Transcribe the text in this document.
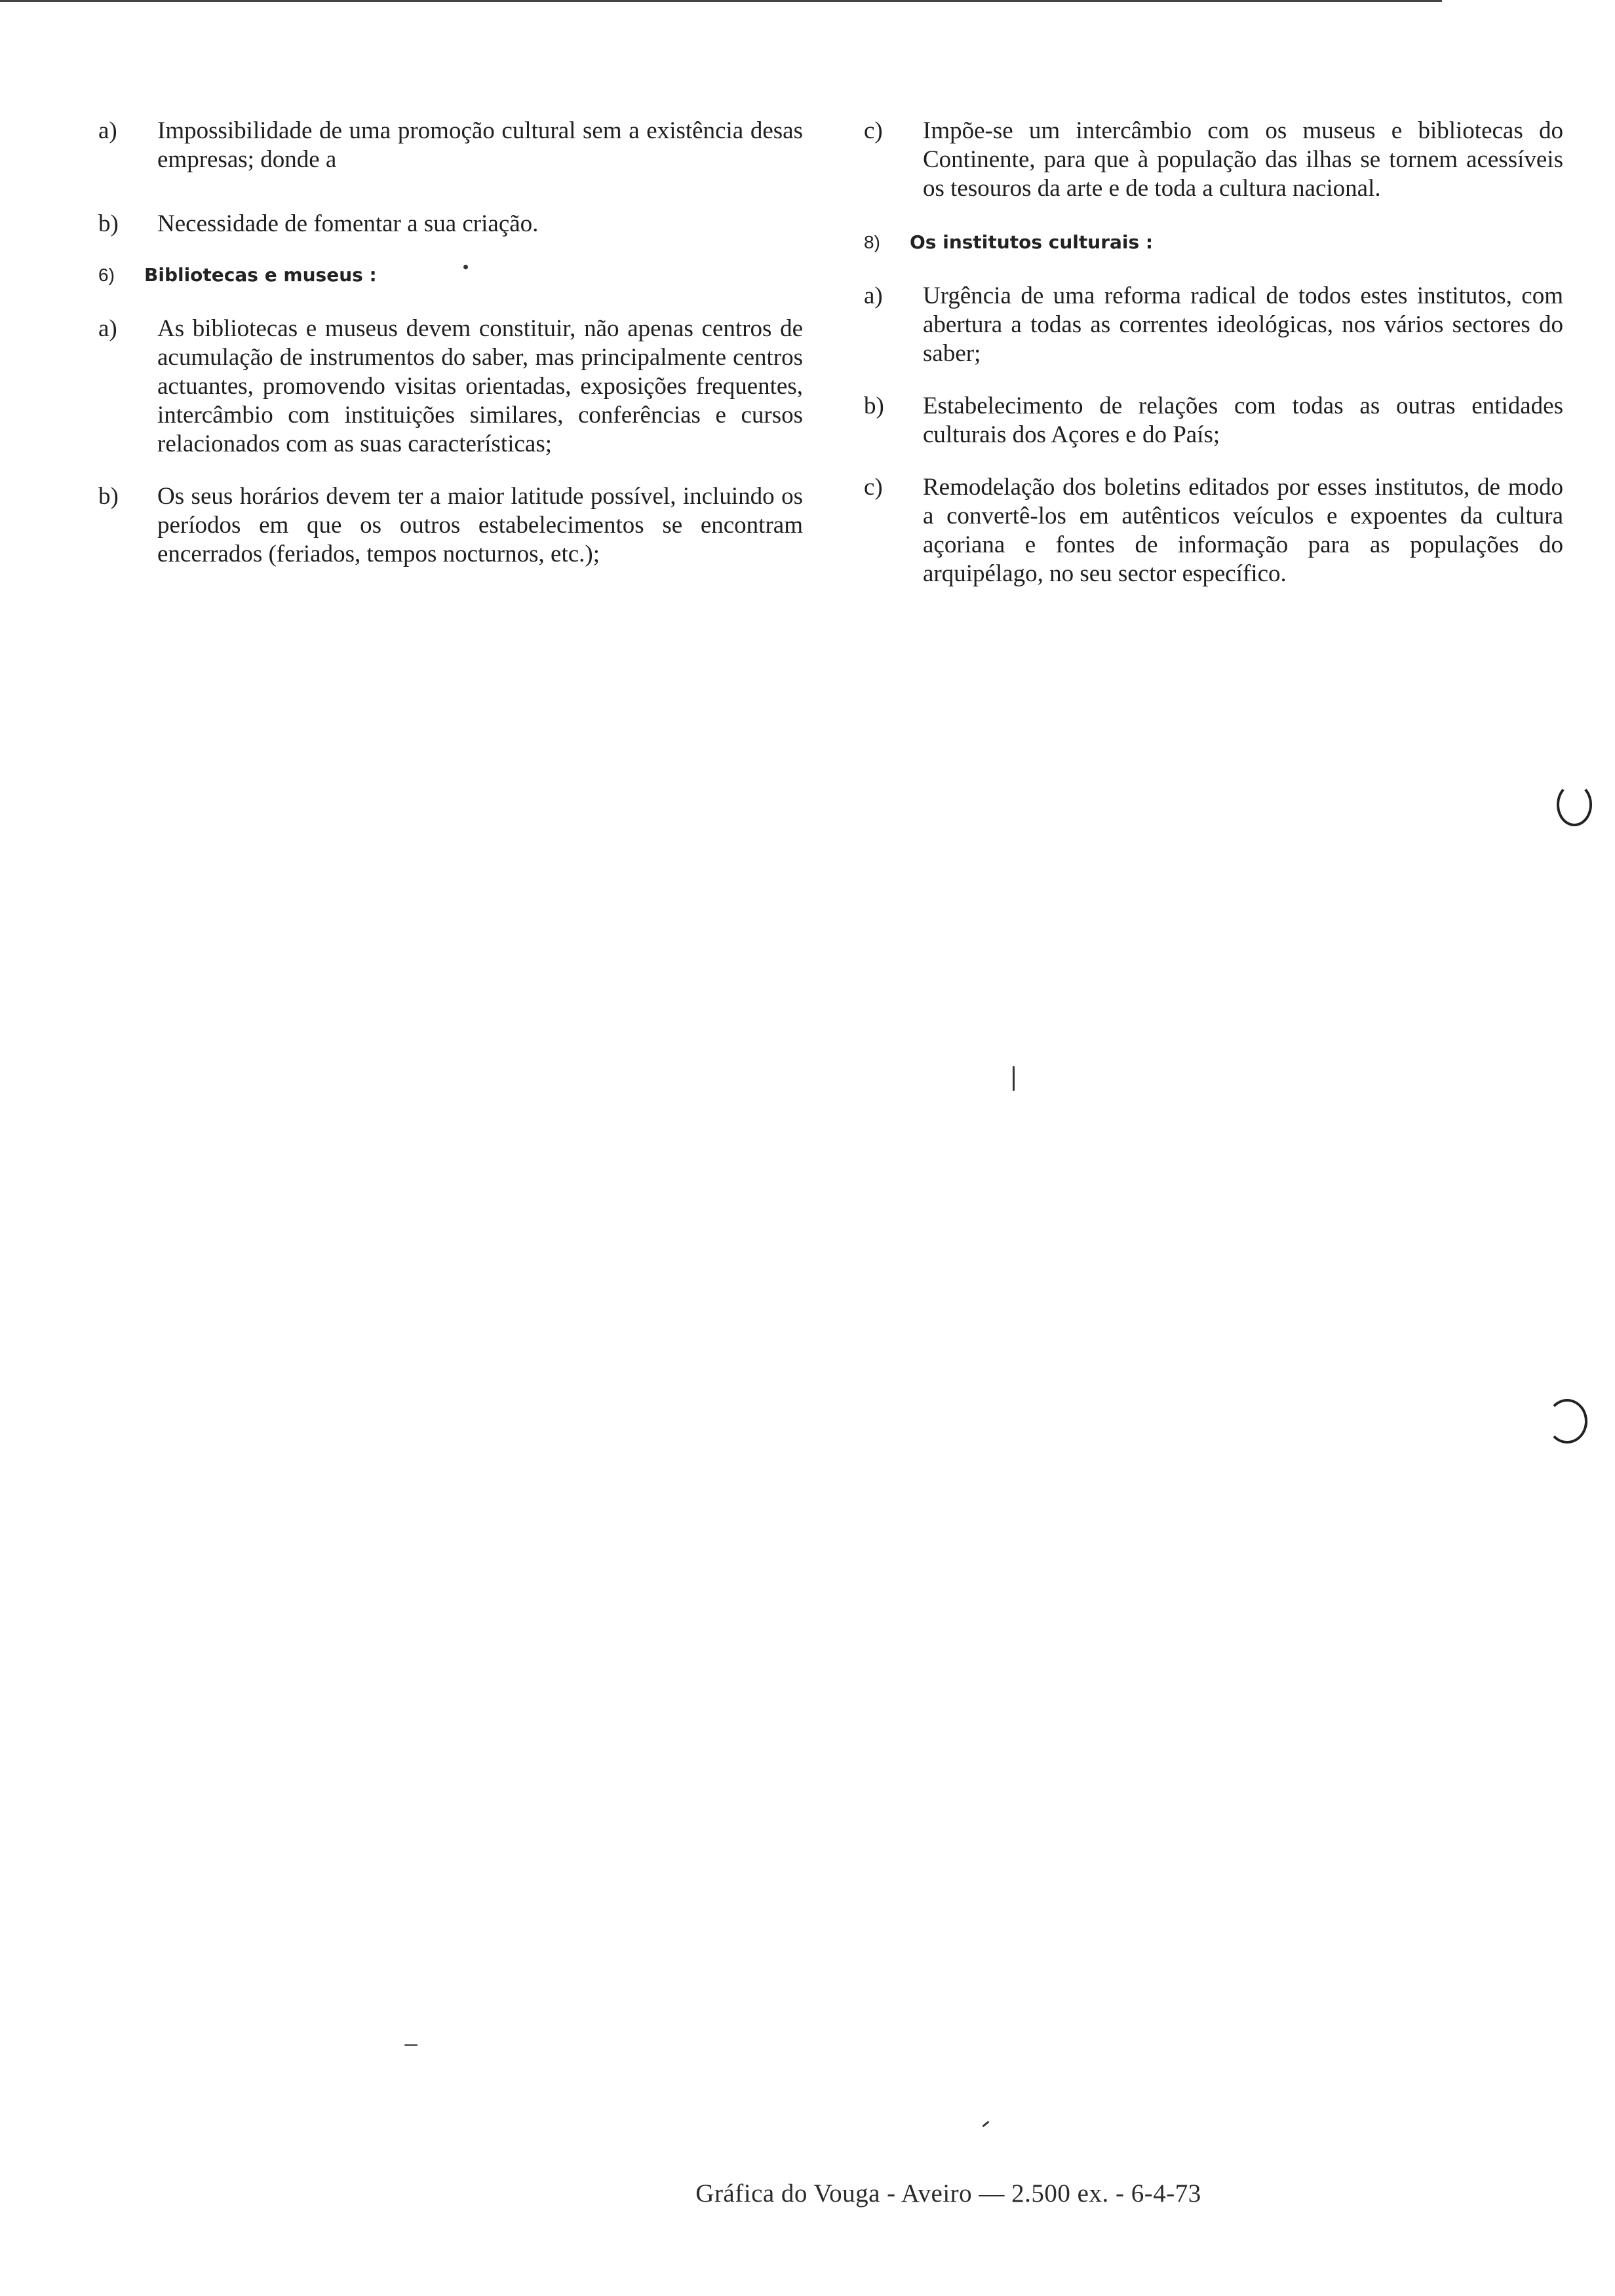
a)	Impossibilidade de uma promoção cultural sem a existência desas empresas; donde a
b)	Necessidade de fomentar a sua criação.
6) Bibliotecas e museus :
a)	As bibliotecas e museus devem constituir, não apenas centros de acumulação de instrumentos do saber, mas principalmente centros actuantes, promovendo visitas orientadas, exposições frequentes, intercâmbio com instituições similares, conferências e cursos relacionados com as suas características;
b)	Os seus horários devem ter a maior latitude possível, incluindo os períodos em que os outros estabelecimentos se encontram encerrados (feriados, tempos nocturnos, etc.);
c)	Impõe-se um intercâmbio com os museus e bibliotecas do Continente, para que à população das ilhas se tornem acessíveis os tesouros da arte e de toda a cultura nacional.
8) Os institutos culturais :
a)	Urgência de uma reforma radical de todos estes institutos, com abertura a todas as correntes ideológicas, nos vários sectores do saber;
b)	Estabelecimento de relações com todas as outras entidades culturais dos Açores e do País;
c)	Remodelação dos boletins editados por esses institutos, de modo a convertê-los em autênticos veículos e expoentes da cultura açoriana e fontes de informação para as populações do arquipélago, no seu sector específico.
Gráfica do Vouga - Aveiro — 2.500 ex. - 6-4-73
